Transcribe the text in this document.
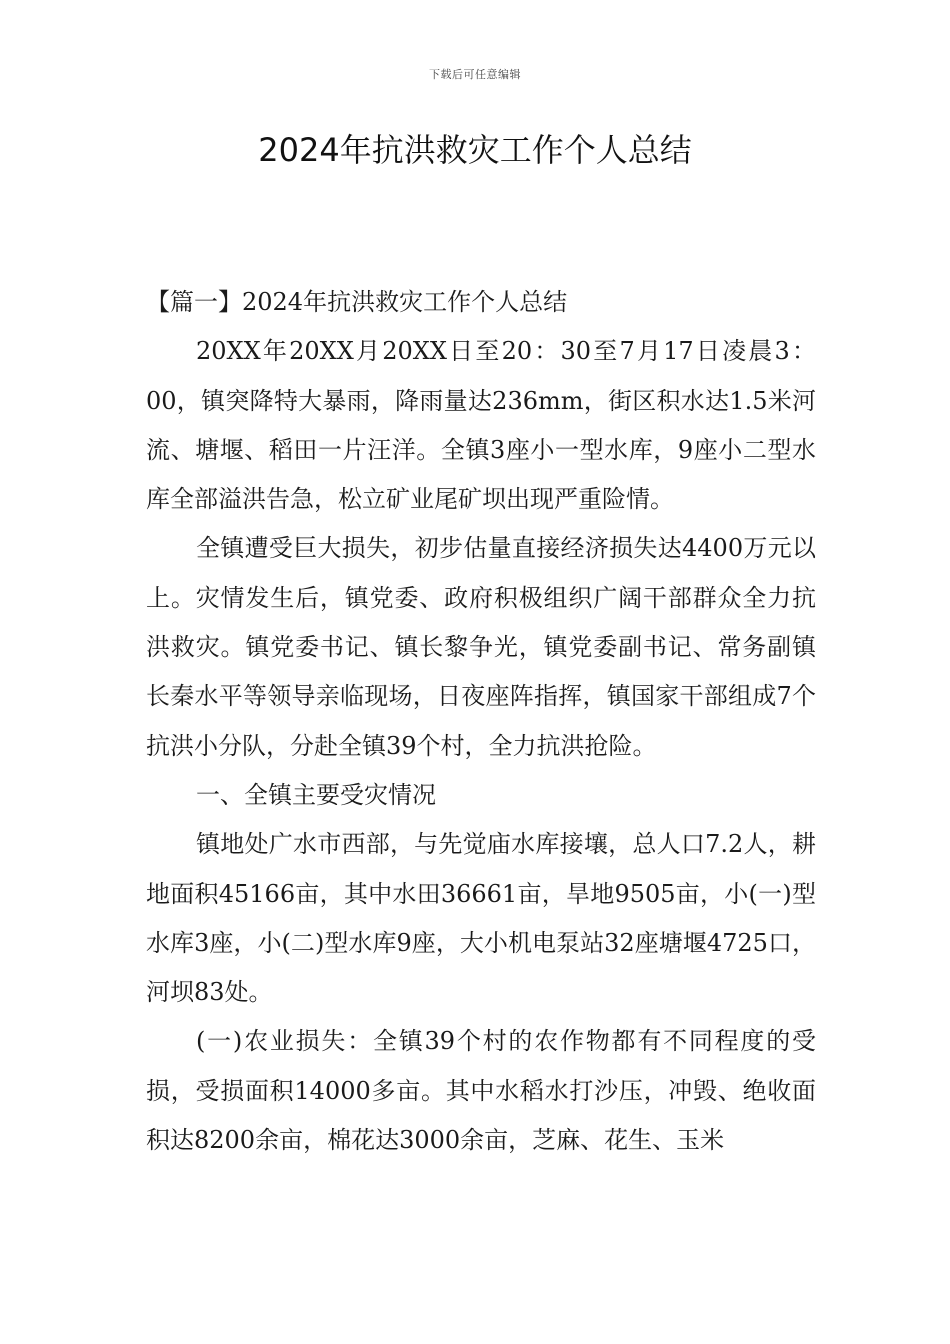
下载后可任意编辑
2024年抗洪救灾工作个人总结

【篇一】2024年抗洪救灾工作个人总结

20XX年20XX月20XX日至20：30至7月17日凌晨3：00，镇突降特大暴雨，降雨量达236mm，街区积水达1.5米河流、塘堰、稻田一片汪洋。全镇3座小一型水库，9座小二型水库全部溢洪告急，松立矿业尾矿坝出现严重险情。

全镇遭受巨大损失，初步估量直接经济损失达4400万元以上。灾情发生后，镇党委、政府积极组织广阔干部群众全力抗洪救灾。镇党委书记、镇长黎争光，镇党委副书记、常务副镇长秦水平等领导亲临现场，日夜座阵指挥，镇国家干部组成7个抗洪小分队，分赴全镇39个村，全力抗洪抢险。

一、全镇主要受灾情况

镇地处广水市西部，与先觉庙水库接壤，总人口7.2人，耕地面积45166亩，其中水田36661亩，旱地9505亩，小(一)型水库3座，小(二)型水库9座，大小机电泵站32座塘堰4725口，河坝83处。

(一)农业损失：全镇39个村的农作物都有不同程度的受损，受损面积14000多亩。其中水稻水打沙压，冲毁、绝收面积达8200余亩，棉花达3000余亩，芝麻、花生、玉米
